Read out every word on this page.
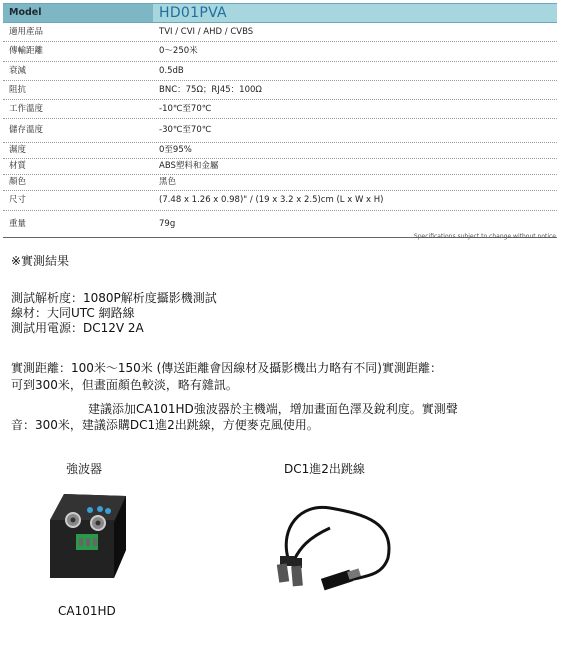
Model	HD01PVA
適用產品	TVI / CVI / AHD / CVBS
傳輸距離	0～250米
衰減	0.5dB
阻抗	BNC：75Ω；RJ45：100Ω
工作溫度	-10℃至70℃
儲存溫度	-30℃至70℃
濕度	0至95%
材質	ABS塑料和金屬
顏色	黑色
尺寸	(7.48 x 1.26 x 0.98)" / (19 x 3.2 x 2.5)cm (L x W x H)
重量	79g
Specifications subject to change without notice
※實測結果
測試解析度：1080P解析度攝影機測試
線材：大同UTC 網路線
測試用電源：DC12V 2A
實測距離：100米～150米 (傳送距離會因線材及攝影機出力略有不同)實測距離：
可到300米，但畫面顏色較淡，略有雜訊。
建議添加CA101HD強波器於主機端，增加畫面色澤及銳利度。實測聲
音：300米，建議添購DC1進2出跳線，方便麥克風使用。
強波器	DC1進2出跳線
CA101HD
